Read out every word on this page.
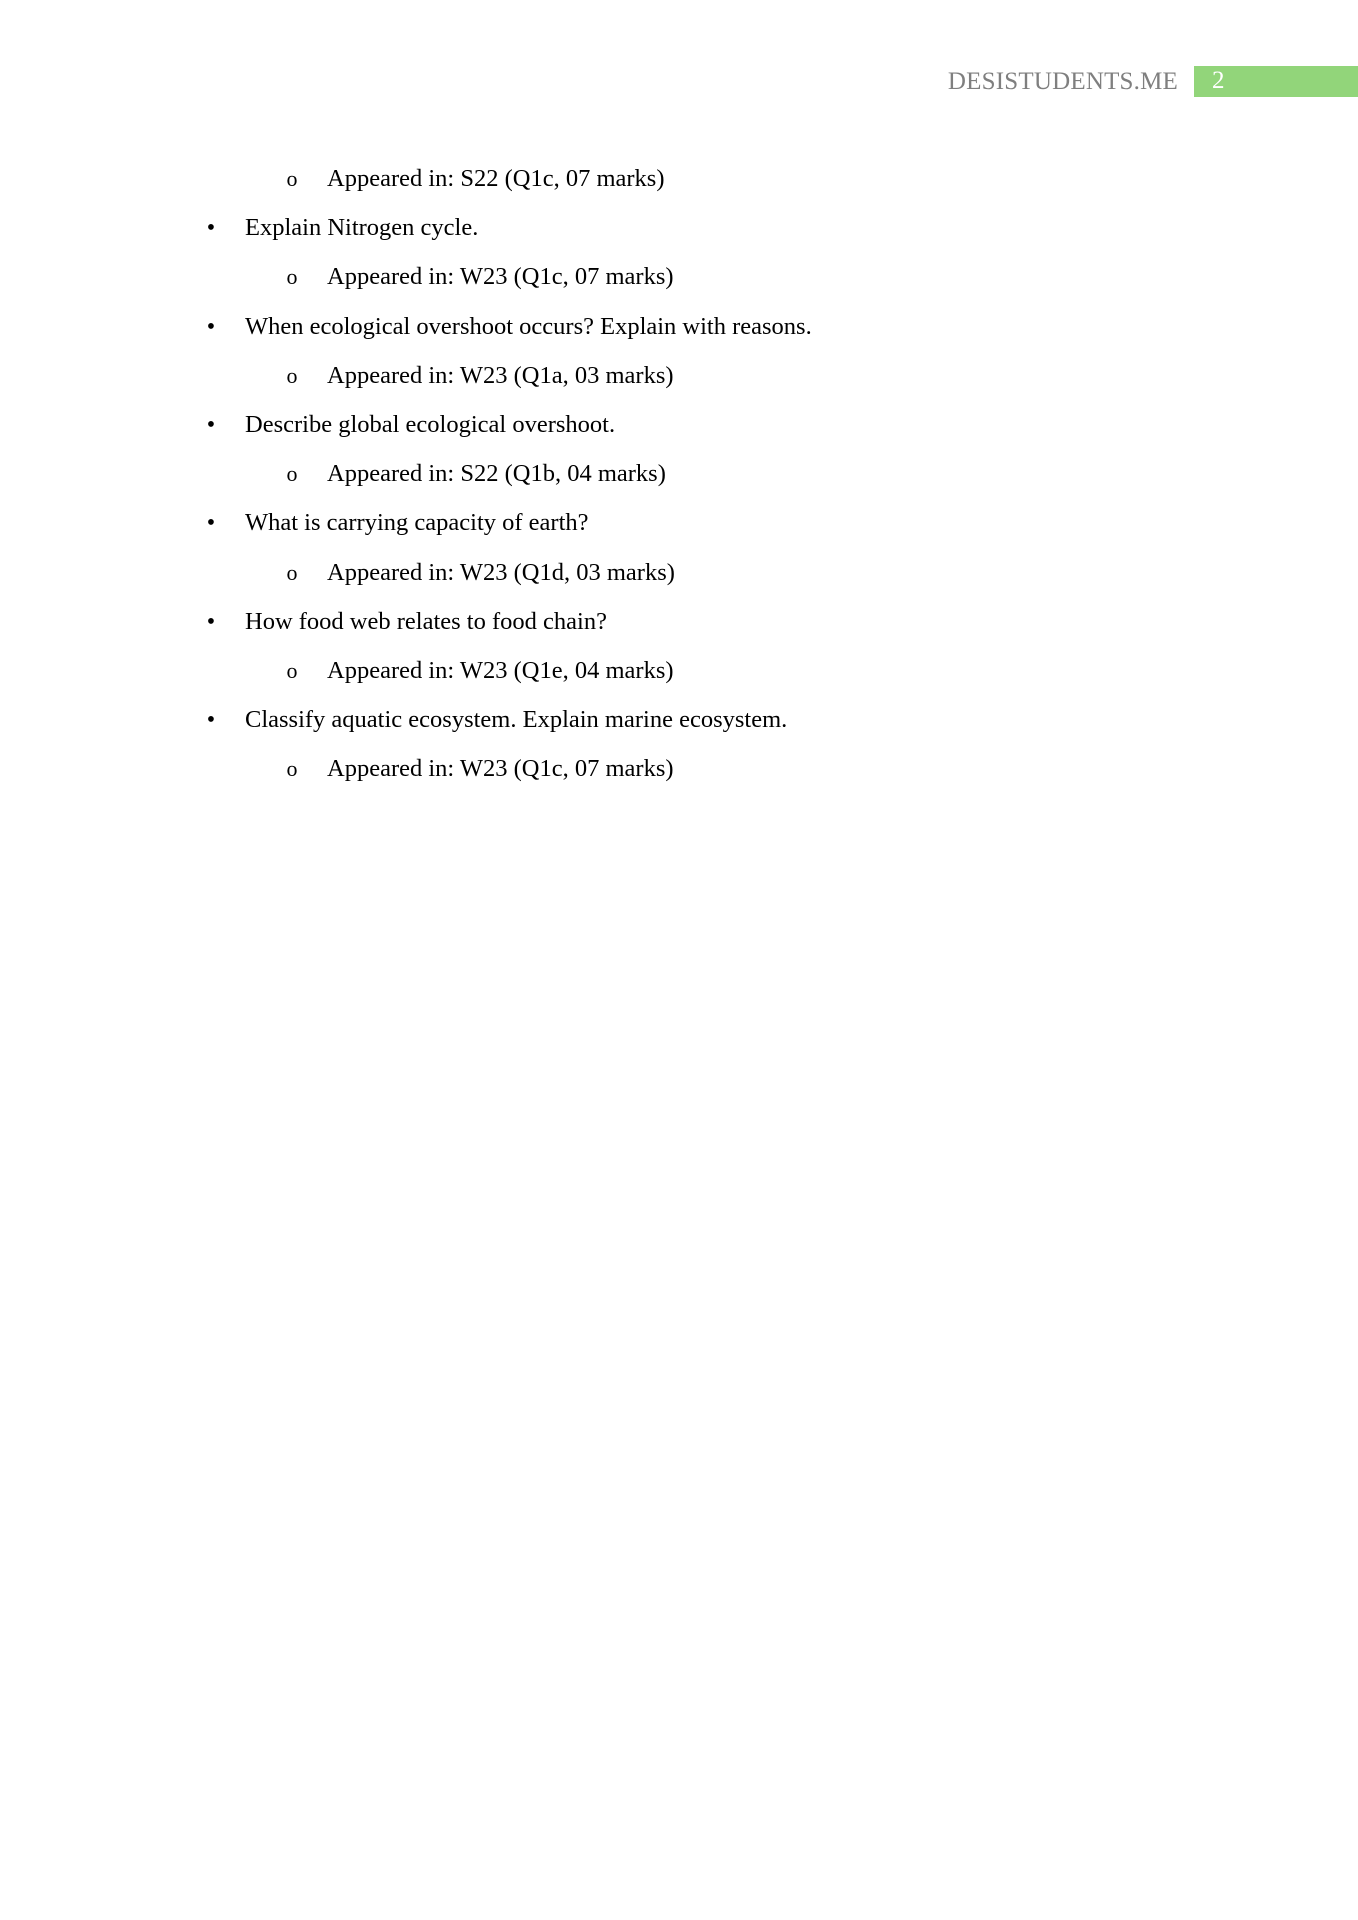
DESISTUDENTS.ME	2
o Appeared in: S22 (Q1c, 07 marks)
• Explain Nitrogen cycle.
o Appeared in: W23 (Q1c, 07 marks)
• When ecological overshoot occurs? Explain with reasons.
o Appeared in: W23 (Q1a, 03 marks)
• Describe global ecological overshoot.
o Appeared in: S22 (Q1b, 04 marks)
• What is carrying capacity of earth?
o Appeared in: W23 (Q1d, 03 marks)
• How food web relates to food chain?
o Appeared in: W23 (Q1e, 04 marks)
• Classify aquatic ecosystem. Explain marine ecosystem.
o Appeared in: W23 (Q1c, 07 marks)
